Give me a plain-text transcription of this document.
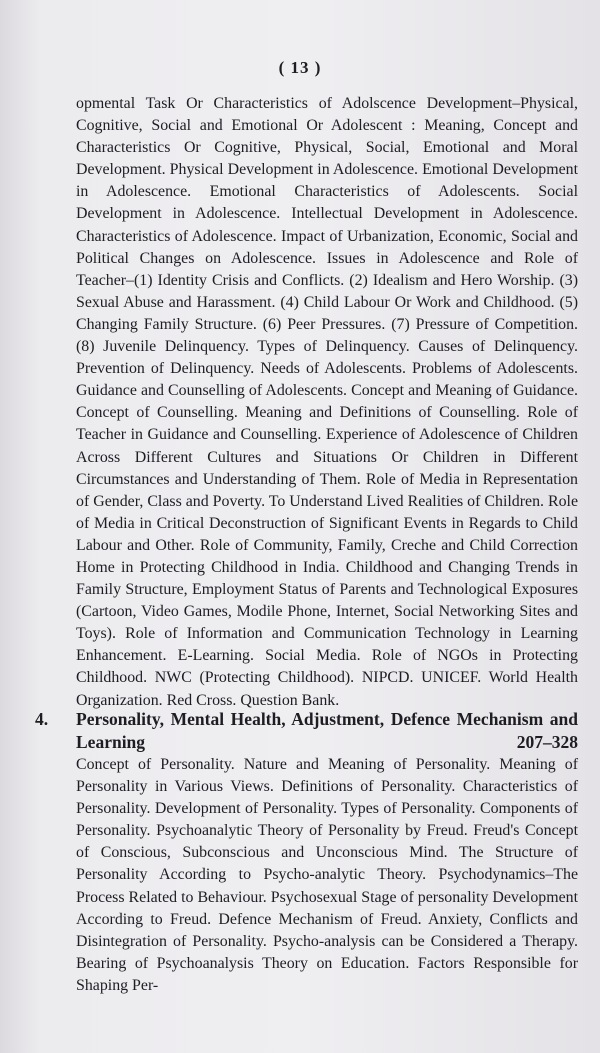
( 13 )
opmental Task Or Characteristics of Adolscence Development–Physical, Cognitive, Social and Emotional Or Adolescent : Meaning, Concept and Characteristics Or Cognitive, Physical, Social, Emotional and Moral Development. Physical Development in Adolescence. Emotional Development in Adolescence. Emotional Characteristics of Adolescents. Social Development in Adolescence. Intellectual Development in Adolescence. Characteristics of Adolescence. Impact of Urbanization, Economic, Social and Political Changes on Adolescence. Issues in Adolescence and Role of Teacher–(1) Identity Crisis and Conflicts. (2) Idealism and Hero Worship. (3) Sexual Abuse and Harassment. (4) Child Labour Or Work and Childhood. (5) Changing Family Structure. (6) Peer Pressures. (7) Pressure of Competition. (8) Juvenile Delinquency. Types of Delinquency. Causes of Delinquency. Prevention of Delinquency. Needs of Adolescents. Problems of Adolescents. Guidance and Counselling of Adolescents. Concept and Meaning of Guidance. Concept of Counselling. Meaning and Definitions of Counselling. Role of Teacher in Guidance and Counselling. Experience of Adolescence of Children Across Different Cultures and Situations Or Children in Different Circumstances and Understanding of Them. Role of Media in Representation of Gender, Class and Poverty. To Understand Lived Realities of Children. Role of Media in Critical Deconstruction of Significant Events in Regards to Child Labour and Other. Role of Community, Family, Creche and Child Correction Home in Protecting Childhood in India. Childhood and Changing Trends in Family Structure, Employment Status of Parents and Technological Exposures (Cartoon, Video Games, Modile Phone, Internet, Social Networking Sites and Toys). Role of Information and Communication Technology in Learning Enhancement. E-Learning. Social Media. Role of NGOs in Protecting Childhood. NWC (Protecting Childhood). NIPCD. UNICEF. World Health Organization. Red Cross. Question Bank.
4. Personality, Mental Health, Adjustment, Defence Mechanism and Learning	207–328
Concept of Personality. Nature and Meaning of Personality. Meaning of Personality in Various Views. Definitions of Personality. Characteristics of Personality. Development of Personality. Types of Personality. Components of Personality. Psychoanalytic Theory of Personality by Freud. Freud's Concept of Conscious, Subconscious and Unconscious Mind. The Structure of Personality According to Psycho-analytic Theory. Psychodynamics–The Process Related to Behaviour. Psychosexual Stage of personality Development According to Freud. Defence Mechanism of Freud. Anxiety, Conflicts and Disintegration of Personality. Psycho-analysis can be Considered a Therapy. Bearing of Psychoanalysis Theory on Education. Factors Responsible for Shaping Per-
